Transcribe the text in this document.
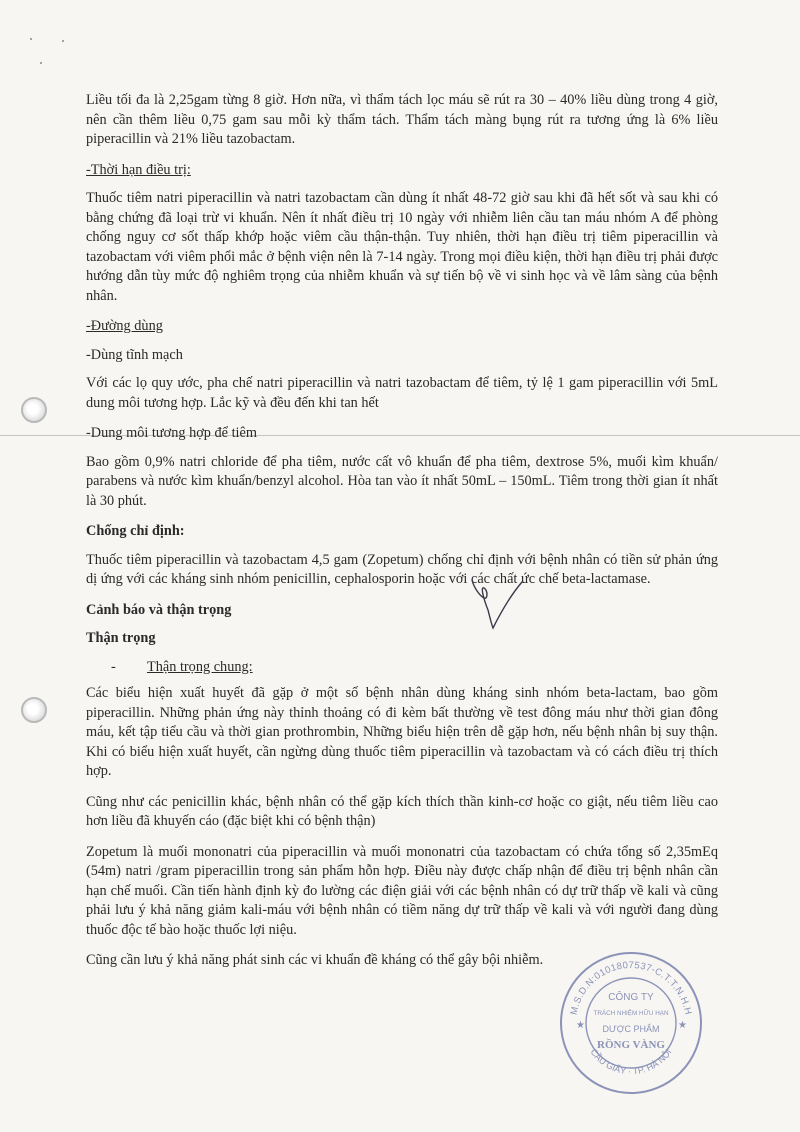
Liều tối đa là 2,25gam từng 8 giờ. Hơn nữa, vì thẩm tách lọc máu sẽ rút ra 30 – 40% liều dùng trong 4 giờ, nên cần thêm liều 0,75 gam sau mỗi kỳ thẩm tách. Thẩm tách màng bụng rút ra tương ứng là 6% liều piperacillin và 21% liều tazobactam.

-Thời hạn điều trị:

Thuốc tiêm natri piperacillin và natri tazobactam cần dùng ít nhất 48-72 giờ sau khi đã hết sốt và sau khi có bằng chứng đã loại trừ vi khuẩn. Nên ít nhất điều trị 10 ngày với nhiễm liên cầu tan máu nhóm A để phòng chống nguy cơ sốt thấp khớp hoặc viêm cầu thận-thận. Tuy nhiên, thời hạn điều trị tiêm piperacillin và tazobactam với viêm phổi mắc ở bệnh viện nên là 7-14 ngày. Trong mọi điều kiện, thời hạn điều trị phải được hướng dẫn tùy mức độ nghiêm trọng của nhiễm khuẩn và sự tiến bộ về vi sinh học và về lâm sàng của bệnh nhân.

-Đường dùng

-Dùng tĩnh mạch

Với các lọ quy ước, pha chế natri piperacillin và natri tazobactam để tiêm, tỷ lệ 1 gam piperacillin với 5mL dung môi tương hợp. Lắc kỹ và đều đến khi tan hết

-Dung môi tương hợp để tiêm

Bao gồm 0,9% natri chloride để pha tiêm, nước cất vô khuẩn để pha tiêm, dextrose 5%, muối kìm khuẩn/ parabens và nước kìm khuẩn/benzyl alcohol. Hòa tan vào ít nhất 50mL – 150mL. Tiêm trong thời gian ít nhất là 30 phút.

Chống chỉ định:

Thuốc tiêm piperacillin và tazobactam 4,5 gam (Zopetum) chống chỉ định với bệnh nhân có tiền sử phản ứng dị ứng với các kháng sinh nhóm penicillin, cephalosporin hoặc với các chất ức chế beta-lactamase.

Cảnh báo và thận trọng

Thận trọng

-	Thận trọng chung:

Các biểu hiện xuất huyết đã gặp ở một số bệnh nhân dùng kháng sinh nhóm beta-lactam, bao gồm piperacillin. Những phản ứng này thỉnh thoảng có đi kèm bất thường về test đông máu như thời gian đông máu, kết tập tiểu cầu và thời gian prothrombin, Những biểu hiện trên dễ gặp hơn, nếu bệnh nhân bị suy thận. Khi có biểu hiện xuất huyết, cần ngừng dùng thuốc tiêm piperacillin và tazobactam và có cách điều trị thích hợp.

Cũng như các penicillin khác, bệnh nhân có thể gặp kích thích thần kinh-cơ hoặc co giật, nếu tiêm liều cao hơn liều đã khuyến cáo (đặc biệt khi có bệnh thận)

Zopetum là muối mononatri của piperacillin và muối mononatri của tazobactam có chứa tổng số 2,35mEq (54m) natri /gram piperacillin trong sản phẩm hỗn hợp. Điều này được chấp nhận để điều trị bệnh nhân cần hạn chế muối. Cần tiến hành định kỳ đo lường các điện giải với các bệnh nhân có dự trữ thấp về kali và cũng phải lưu ý khả năng giảm kali-máu với bệnh nhân có tiềm năng dự trữ thấp về kali và với người đang dùng thuốc độc tế bào hoặc thuốc lợi niệu.

Cũng cần lưu ý khả năng phát sinh các vi khuẩn đề kháng có thể gây bội nhiễm.

M.S.D.N:0101807537-C.T.T.N.H.H
CẦU GIẤY · TP. HÀ NỘI
★	★
CÔNG TY
TRÁCH NHIỆM HỮU HẠN
DƯỢC PHẨM
RỒNG VÀNG
